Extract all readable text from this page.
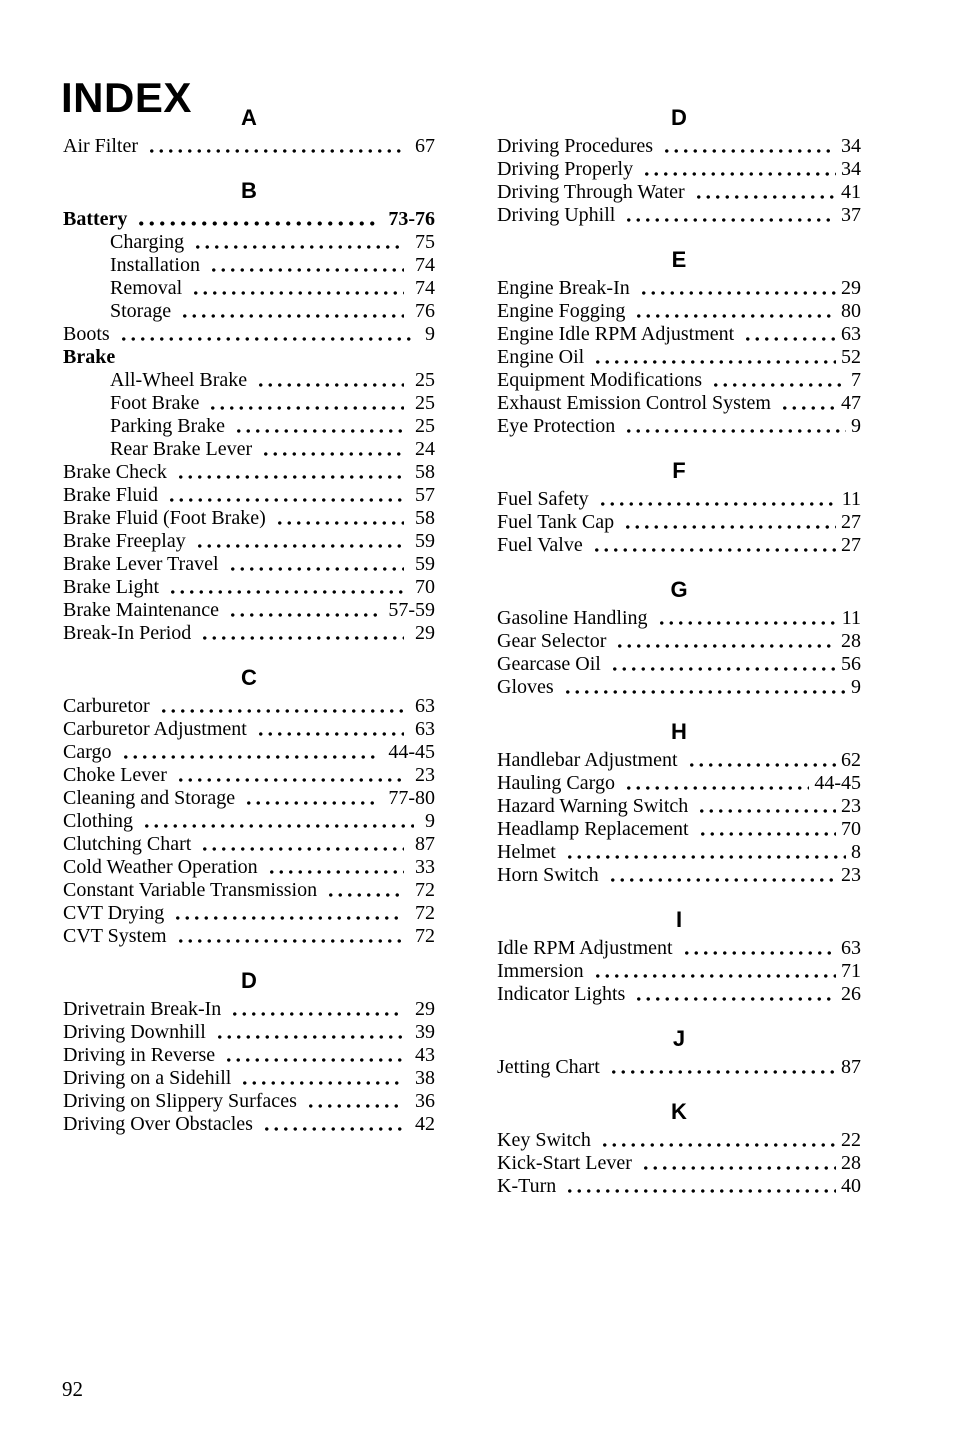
INDEX	A
Air Filter	67
B
Battery	73-76
Charging	75
Installation	74
Removal	74
Storage	76
Boots	9
Brake
All-Wheel Brake	25
Foot Brake	25
Parking Brake	25
Rear Brake Lever	24
Brake Check	58
Brake Fluid	57
Brake Fluid (Foot Brake)	58
Brake Freeplay	59
Brake Lever Travel	59
Brake Light	70
Brake Maintenance	57-59
Break-In Period	29
C
Carburetor	63
Carburetor Adjustment	63
Cargo	44-45
Choke Lever	23
Cleaning and Storage	77-80
Clothing	9
Clutching Chart	87
Cold Weather Operation	33
Constant Variable Transmission	72
CVT Drying	72
CVT System	72
D
Drivetrain Break-In	29
Driving Downhill	39
Driving in Reverse	43
Driving on a Sidehill	38
Driving on Slippery Surfaces	36
Driving Over Obstacles	42
D
Driving Procedures	34
Driving Properly	34
Driving Through Water	41
Driving Uphill	37
E
Engine Break-In	29
Engine Fogging	80
Engine Idle RPM Adjustment	63
Engine Oil	52
Equipment Modifications	7
Exhaust Emission Control System	47
Eye Protection	9
F
Fuel Safety	11
Fuel Tank Cap	27
Fuel Valve	27
G
Gasoline Handling	11
Gear Selector	28
Gearcase Oil	56
Gloves	9
H
Handlebar Adjustment	62
Hauling Cargo	44-45
Hazard Warning Switch	23
Headlamp Replacement	70
Helmet	8
Horn Switch	23
I
Idle RPM Adjustment	63
Immersion	71
Indicator Lights	26
J
Jetting Chart	87
K
Key Switch	22
Kick-Start Lever	28
K-Turn	40
92
